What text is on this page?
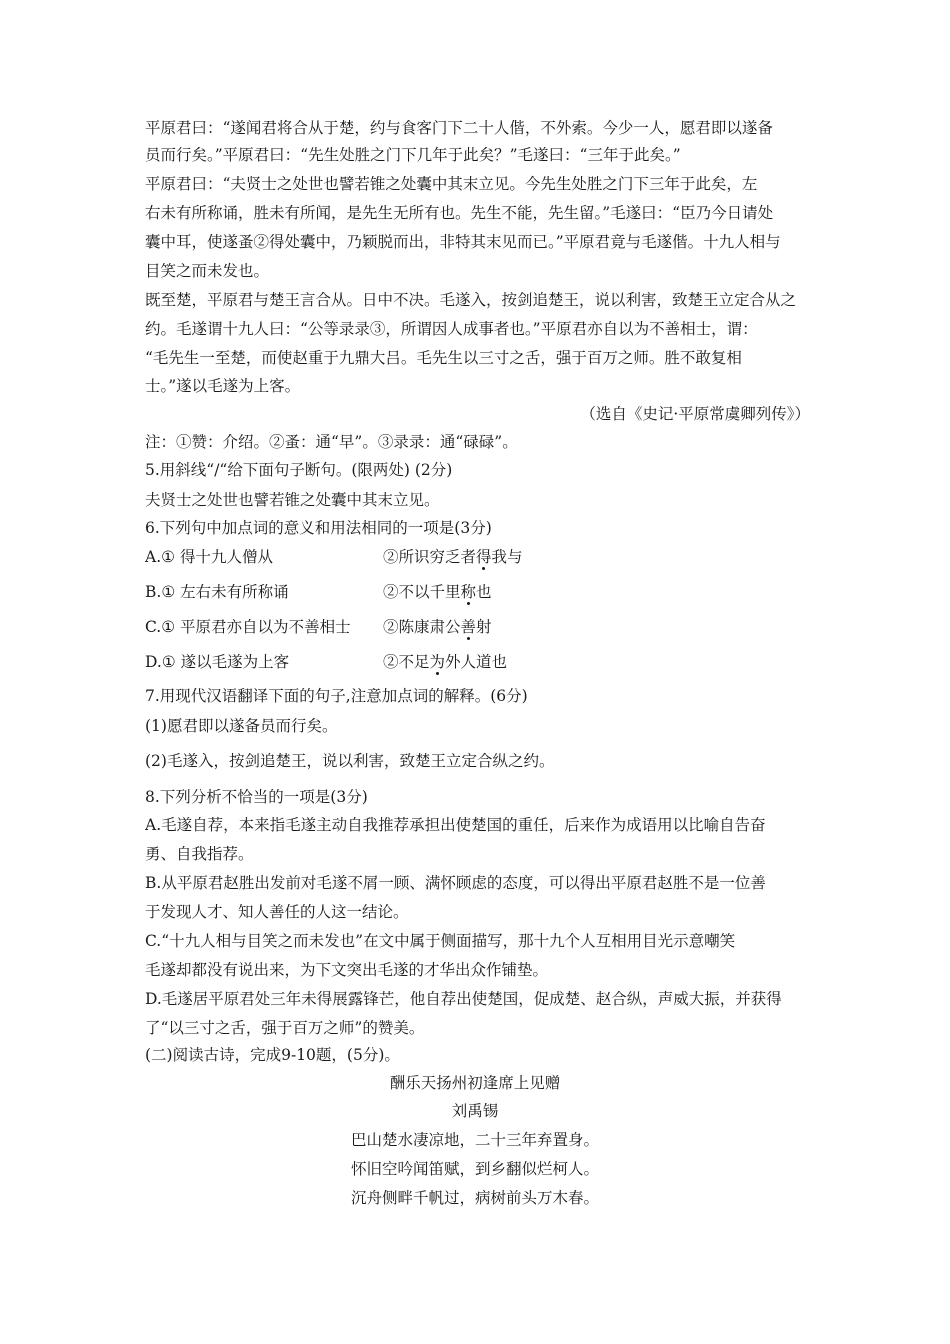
平原君曰：“遂闻君将合从于楚，约与食客门下二十人偕，不外索。今少一人，愿君即以遂备
员而行矣。”平原君曰：“先生处胜之门下几年于此矣？”毛遂曰：“三年于此矣。”
平原君曰：“夫贤士之处世也譬若锥之处囊中其末立见。今先生处胜之门下三年于此矣，左
右未有所称诵，胜未有所闻，是先生无所有也。先生不能，先生留。”毛遂曰：“臣乃今日请处
囊中耳，使遂蚤②得处囊中，乃颖脱而出，非特其末见而已。”平原君竟与毛遂偕。十九人相与
目笑之而未发也。
既至楚，平原君与楚王言合从。日中不决。毛遂入，按剑追楚王，说以利害，致楚王立定合从之
约。毛遂谓十九人曰：“公等录录③，所谓因人成事者也。”平原君亦自以为不善相士，谓：
“毛先生一至楚，而使赵重于九鼎大吕。毛先生以三寸之舌，强于百万之师。胜不敢复相
士。”遂以毛遂为上客。
（选自《史记·平原常虞卿列传》）
注：①赞：介绍。②蚤：通“早”。③录录：通“碌碌”。
5.用斜线“/“给下面句子断句。(限两处) (2分)
夫贤士之处世也譬若锥之处囊中其末立见。
6.下列句中加点词的意义和用法相同的一项是(3分)
A.① 得十九人僧从	②所识穷乏者得我与
B.① 左右未有所称诵	②不以千里称也
C.① 平原君亦自以为不善相士	②陈康肃公善射
D.① 遂以毛遂为上客	②不足为外人道也
7.用现代汉语翻译下面的句子,注意加点词的解释。(6分)
(1)愿君即以遂备员而行矣。
(2)毛遂入，按剑追楚王，说以利害，致楚王立定合纵之约。
8.下列分析不恰当的一项是(3分)
A.毛遂自荐，本来指毛遂主动自我推荐承担出使楚国的重任，后来作为成语用以比喻自告奋
勇、自我指荐。
B.从平原君赵胜出发前对毛遂不屑一顾、满怀顾虑的态度，可以得出平原君赵胜不是一位善
于发现人才、知人善任的人这一结论。
C.“十九人相与目笑之而未发也”在文中属于侧面描写，那十九个人互相用目光示意嘲笑
毛遂却都没有说出来，为下文突出毛遂的才华出众作铺垫。
D.毛遂居平原君处三年未得展露锋芒，他自荐出使楚国，促成楚、赵合纵，声威大振，并获得
了“以三寸之舌，强于百万之师”的赞美。
(二)阅读古诗，完成9-10题，(5分)。
酬乐天扬州初逢席上见赠
刘禹锡
巴山楚水凄凉地，二十三年弃置身。
怀旧空吟闻笛赋，到乡翻似烂柯人。
沉舟侧畔千帆过，病树前头万木春。
